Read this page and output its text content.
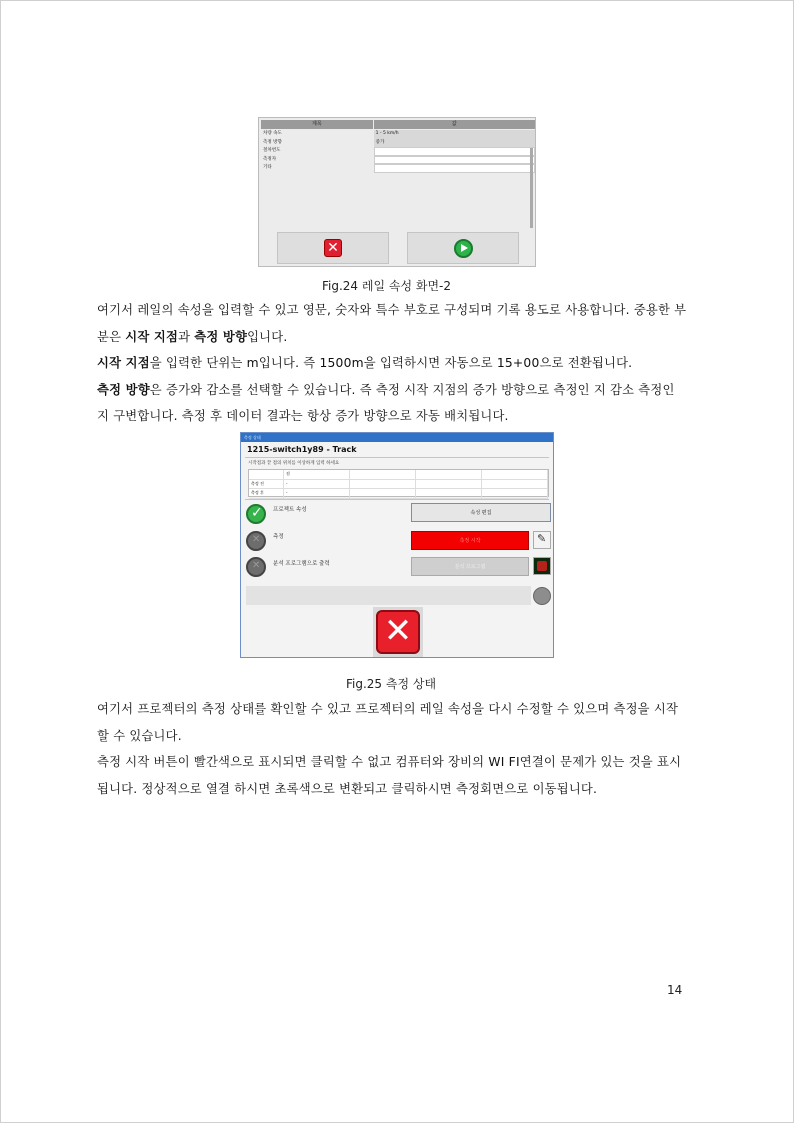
제목	값
차량 속도	1 - 5 km/h
측정 방향	증가
철차번도
측정자
기타
✕
Fig.24 레일 속성 화면-2
여기서 레일의 속성을 입력할 수 있고 영문, 숫자와 특수 부호로 구성되며 기록 용도로 사용합니다. 중용한 부분은 시작 지점과 측정 방향입니다.
시작 지점을 입력한 단위는 m입니다. 즉 1500m을 입력하시면 자동으로 15+00으로 전환됩니다.
측정 방향은 증가와 감소를 선택할 수 있습니다. 즉 측정 시작 지점의 증가 방향으로 측정인 지 감소 측정인 지 구변합니다. 측정 후 데이터 결과는 항상 증가 방향으로 자동 배치됩니다.
측정 상태
1215-switch1y89 - Track
시작점과 끝 점의 위치를 이상하게 입력 하세요
점
측정 전	-
측정 후	-
✓
프로젝트 속성	속성 편집
✕
측정
측정 시작
✎
✕
분석 프로그램으로 출력	분석 프로그램
✕
Fig.25 측정 상태
여기서 프로젝터의 측정 상태를 확인할 수 있고 프로젝터의 레일 속성을 다시 수정할 수 있으며 측정을 시작할 수 있습니다.
측정 시작 버튼이 빨간색으로 표시되면 클릭할 수 없고 컴퓨터와 장비의 WI FI연결이 문제가 있는 것을 표시됩니다. 정상적으로 열결 하시면 초록색으로 변환되고 클릭하시면 측정회면으로 이동됩니다.
14
